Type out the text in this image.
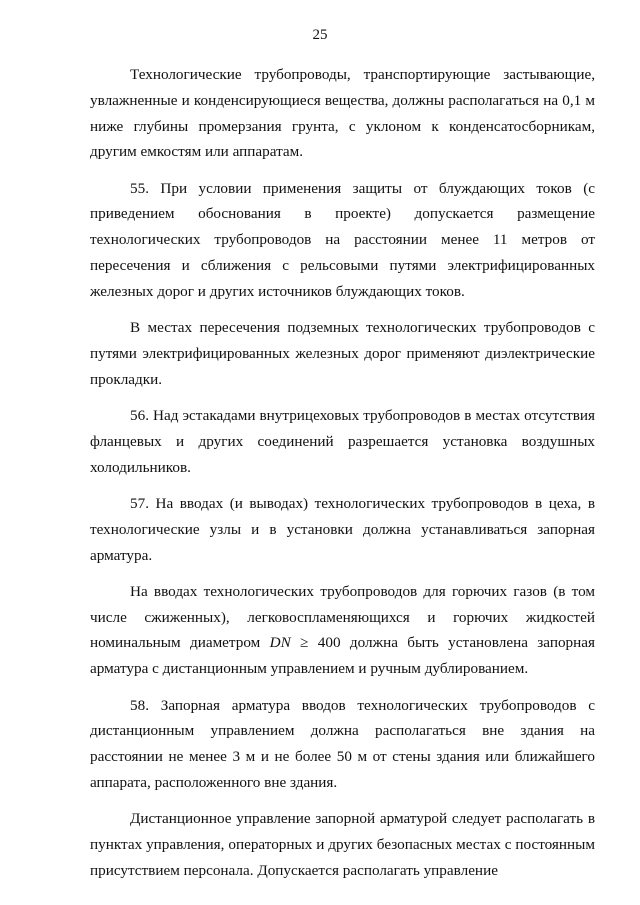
25

Технологические трубопроводы, транспортирующие застывающие, увлажненные и конденсирующиеся вещества, должны располагаться на 0,1 м ниже глубины промерзания грунта, с уклоном к конденсатосборникам, другим емкостям или аппаратам.

55. При условии применения защиты от блуждающих токов (с приведением обоснования в проекте) допускается размещение технологических трубопроводов на расстоянии менее 11 метров от пересечения и сближения с рельсовыми путями электрифицированных железных дорог и других источников блуждающих токов.

В местах пересечения подземных технологических трубопроводов с путями электрифицированных железных дорог применяют диэлектрические прокладки.

56. Над эстакадами внутрицеховых трубопроводов в местах отсутствия фланцевых и других соединений разрешается установка воздушных холодильников.

57. На вводах (и выводах) технологических трубопроводов в цеха, в технологические узлы и в установки должна устанавливаться запорная арматура.

На вводах технологических трубопроводов для горючих газов (в том числе сжиженных), легковоспламеняющихся и горючих жидкостей номинальным диаметром DN ≥ 400 должна быть установлена запорная арматура с дистанционным управлением и ручным дублированием.

58. Запорная арматура вводов технологических трубопроводов с дистанционным управлением должна располагаться вне здания на расстоянии не менее 3 м и не более 50 м от стены здания или ближайшего аппарата, расположенного вне здания.

Дистанционное управление запорной арматурой следует располагать в пунктах управления, операторных и других безопасных местах с постоянным присутствием персонала. Допускается располагать управление
